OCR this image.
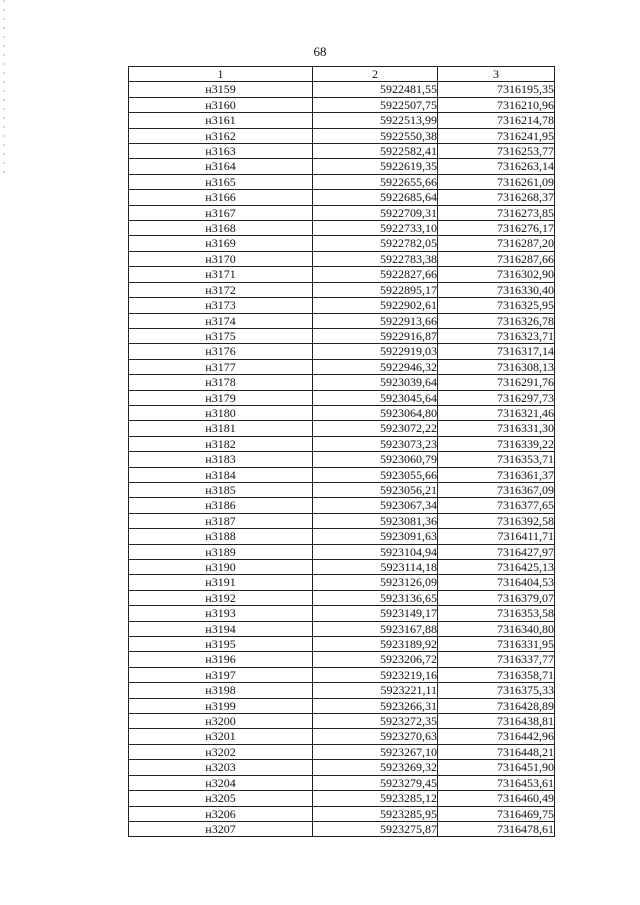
68
1	2	3
н3159	5922481,55	7316195,35
н3160	5922507,75	7316210,96
н3161	5922513,99	7316214,78
н3162	5922550,38	7316241,95
н3163	5922582,41	7316253,77
н3164	5922619,35	7316263,14
н3165	5922655,66	7316261,09
н3166	5922685,64	7316268,37
н3167	5922709,31	7316273,85
н3168	5922733,10	7316276,17
н3169	5922782,05	7316287,20
н3170	5922783,38	7316287,66
н3171	5922827,66	7316302,90
н3172	5922895,17	7316330,40
н3173	5922902,61	7316325,95
н3174	5922913,66	7316326,78
н3175	5922916,87	7316323,71
н3176	5922919,03	7316317,14
н3177	5922946,32	7316308,13
н3178	5923039,64	7316291,76
н3179	5923045,64	7316297,73
н3180	5923064,80	7316321,46
н3181	5923072,22	7316331,30
н3182	5923073,23	7316339,22
н3183	5923060,79	7316353,71
н3184	5923055,66	7316361,37
н3185	5923056,21	7316367,09
н3186	5923067,34	7316377,65
н3187	5923081,36	7316392,58
н3188	5923091,63	7316411,71
н3189	5923104,94	7316427,97
н3190	5923114,18	7316425,13
н3191	5923126,09	7316404,53
н3192	5923136,65	7316379,07
н3193	5923149,17	7316353,58
н3194	5923167,88	7316340,80
н3195	5923189,92	7316331,95
н3196	5923206,72	7316337,77
н3197	5923219,16	7316358,71
н3198	5923221,11	7316375,33
н3199	5923266,31	7316428,89
н3200	5923272,35	7316438,81
н3201	5923270,63	7316442,96
н3202	5923267,10	7316448,21
н3203	5923269,32	7316451,90
н3204	5923279,45	7316453,61
н3205	5923285,12	7316460,49
н3206	5923285,95	7316469,75
н3207	5923275,87	7316478,61
